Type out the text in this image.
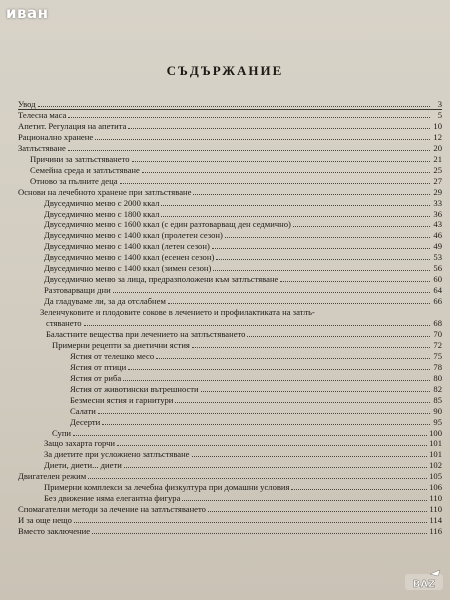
иван
СЪДЪРЖАНИЕ
Увод	3
Телесна маса	5
Апетит. Регулация на апетита	10
Рационално хранене	12
Затлъстяване	20
Причини за затлъстяването	21
Семейна среда и затлъстяване	25
Отново за пълните деца	27
Основи на лечебното хранене при затлъстяване	29
Двуседмично меню с 2000 ккал	33
Двуседмично меню с 1800 ккал	36
Двуседмично меню с 1600 ккал (с един разтоварващ ден седмично)	43
Двуседмично меню с 1400 ккал (пролетен сезон)	46
Двуседмично меню с 1400 ккал (летен сезон)	49
Двуседмично меню с 1400 ккал (есенен сезон)	53
Двуседмично меню с 1400 ккал (зимен сезон)	56
Двуседмично меню за лица, предразположени към затлъстяване	60
Разтоварващи дни	64
Да гладуваме ли, за да отслабнем	66
Зеленчуковите и плодовите сокове в лечението и профилактиката на затлъ-
стяването	68
Баластните вещества при лечението на затлъстяването	70
Примерни рецепти за диетични ястия	72
Ястия от телешко месо	75
Ястия от птици	78
Ястия от риба	80
Ястия от животински вътрешности	82
Безмесни ястия и гарнитури	85
Салати	90
Десерти	95
Супи	100
Защо захарта горчи	101
За диетите при усложнено затлъстяване	101
Диети, диети... диети	102
Двигателен режим	105
Примерни комплекси за лечебна физкултура при домашни условия	106
Без движение няма елегантна фигура	110
Спомагателни методи за лечение на затлъстяването	110
И за още нещо	114
Вместо заключение	116
BAZ
